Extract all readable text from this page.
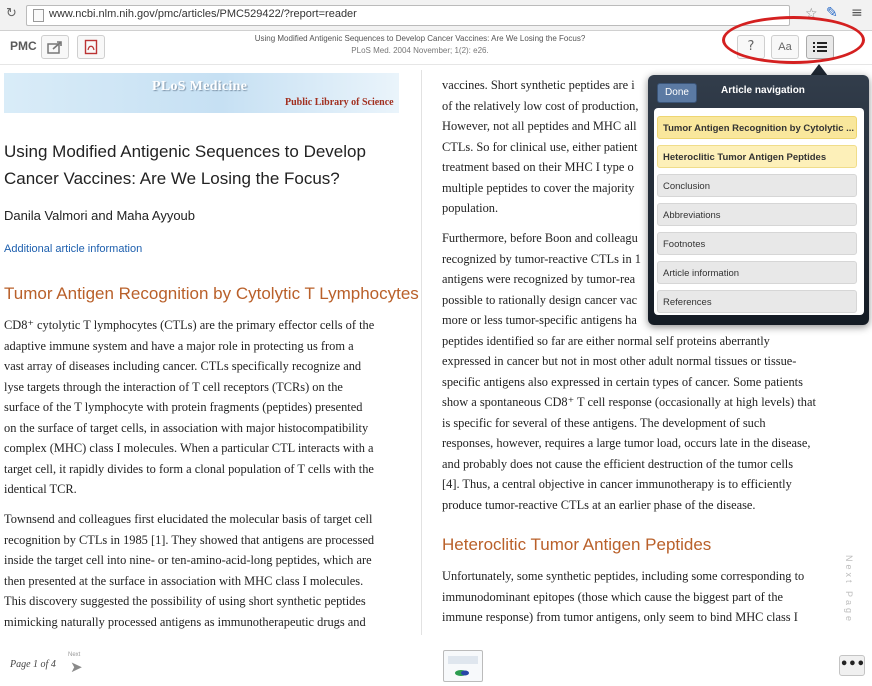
↻	www.ncbi.nlm.nih.gov/pmc/articles/PMC529422/?report=reader	☆ ✎ ≡
PMC
Using Modified Antigenic Sequences to Develop Cancer Vaccines: Are We Losing the Focus?
PLoS Med. 2004 November; 1(2): e26.	?	Aa
PLoS Medicine
Public Library of Science
Using Modified Antigenic Sequences to Develop Cancer Vaccines: Are We Losing the Focus?
Danila Valmori and Maha Ayyoub
Additional article information
Tumor Antigen Recognition by Cytolytic T Lymphocytes
CD8⁺ cytolytic T lymphocytes (CTLs) are the primary effector cells of the
adaptive immune system and have a major role in protecting us from a
vast array of diseases including cancer. CTLs specifically recognize and
lyse targets through the interaction of T cell receptors (TCRs) on the
surface of the T lymphocyte with protein fragments (peptides) presented
on the surface of target cells, in association with major histocompatibility
complex (MHC) class I molecules. When a particular CTL interacts with a
target cell, it rapidly divides to form a clonal population of T cells with the
identical TCR.
Townsend and colleagues first elucidated the molecular basis of target cell
recognition by CTLs in 1985 [1]. They showed that antigens are processed
inside the target cell into nine- or ten-amino-acid-long peptides, which are
then presented at the surface in association with MHC class I molecules.
This discovery suggested the possibility of using short synthetic peptides
mimicking naturally processed antigens as immunotherapeutic drugs and
vaccines. Short synthetic peptides are i
of the relatively low cost of production,
However, not all peptides and MHC all
CTLs. So for clinical use, either patient
treatment based on their MHC I type o
multiple peptides to cover the majority
population.
Furthermore, before Boon and colleagu
recognized by tumor-reactive CTLs in 1
antigens were recognized by tumor-rea
possible to rationally design cancer vac
more or less tumor-specific antigens ha
peptides identified so far are either normal self proteins aberrantly
expressed in cancer but not in most other adult normal tissues or tissue-
specific antigens also expressed in certain types of cancer. Some patients
show a spontaneous CD8⁺ T cell response (occasionally at high levels) that
is specific for several of these antigens. The development of such
responses, however, requires a large tumor load, occurs late in the disease,
and probably does not cause the efficient destruction of the tumor cells
[4]. Thus, a central objective in cancer immunotherapy is to efficiently
produce tumor-reactive CTLs at an earlier phase of the disease.
Heteroclitic Tumor Antigen Peptides
Unfortunately, some synthetic peptides, including some corresponding to
immunodominant epitopes (those which cause the biggest part of the
immune response) from tumor antigens, only seem to bind MHC class I	Next Page
Done	Article navigation
Tumor Antigen Recognition by Cytolytic ...
Heteroclitic Tumor Antigen Peptides
Conclusion
Abbreviations
Footnotes
Article information
References
Page 1 of 4
Next
➤	•••
